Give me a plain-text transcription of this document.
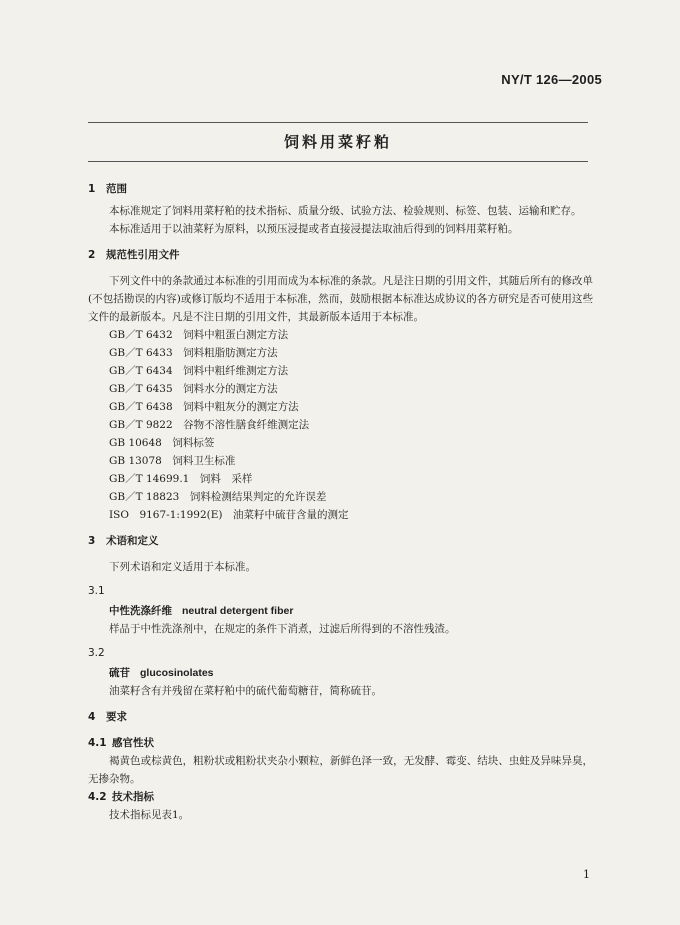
NY/T 126—2005
饲料用菜籽粕

1 范围

本标准规定了饲料用菜籽粕的技术指标、质量分级、试验方法、检验规则、标签、包装、运输和贮存。

本标准适用于以油菜籽为原料，以预压浸提或者直接浸提法取油后得到的饲料用菜籽粕。

2 规范性引用文件

下列文件中的条款通过本标准的引用而成为本标准的条款。凡是注日期的引用文件，其随后所有的修改单(不包括勘误的内容)或修订版均不适用于本标准，然而，鼓励根据本标准达成协议的各方研究是否可使用这些文件的最新版本。凡是不注日期的引用文件，其最新版本适用于本标准。

GB／T 6432　饲料中粗蛋白测定方法
GB／T 6433　饲料粗脂肪测定方法
GB／T 6434　饲料中粗纤维测定方法
GB／T 6435　饲料水分的测定方法
GB／T 6438　饲料中粗灰分的测定方法
GB／T 9822　谷物不溶性膳食纤维测定法
GB 10648　饲料标签
GB 13078　饲料卫生标准
GB／T 14699.1　饲料　采样
GB／T 18823　饲料检测结果判定的允许误差
ISO　9167-1:1992(E)　油菜籽中硫苷含量的测定

3 术语和定义

下列术语和定义适用于本标准。

3.1

中性洗涤纤维 neutral detergent fiber

样品于中性洗涤剂中，在规定的条件下消煮，过滤后所得到的不溶性残渣。

3.2

硫苷 glucosinolates

油菜籽含有并残留在菜籽粕中的硫代葡萄糖苷，简称硫苷。

4 要求

4.1 感官性状

褐黄色或棕黄色，粗粉状或粗粉状夹杂小颗粒，新鲜色泽一致，无发酵、霉变、结块、虫蛀及异味异臭，无掺杂物。

4.2 技术指标

技术指标见表1。

1
